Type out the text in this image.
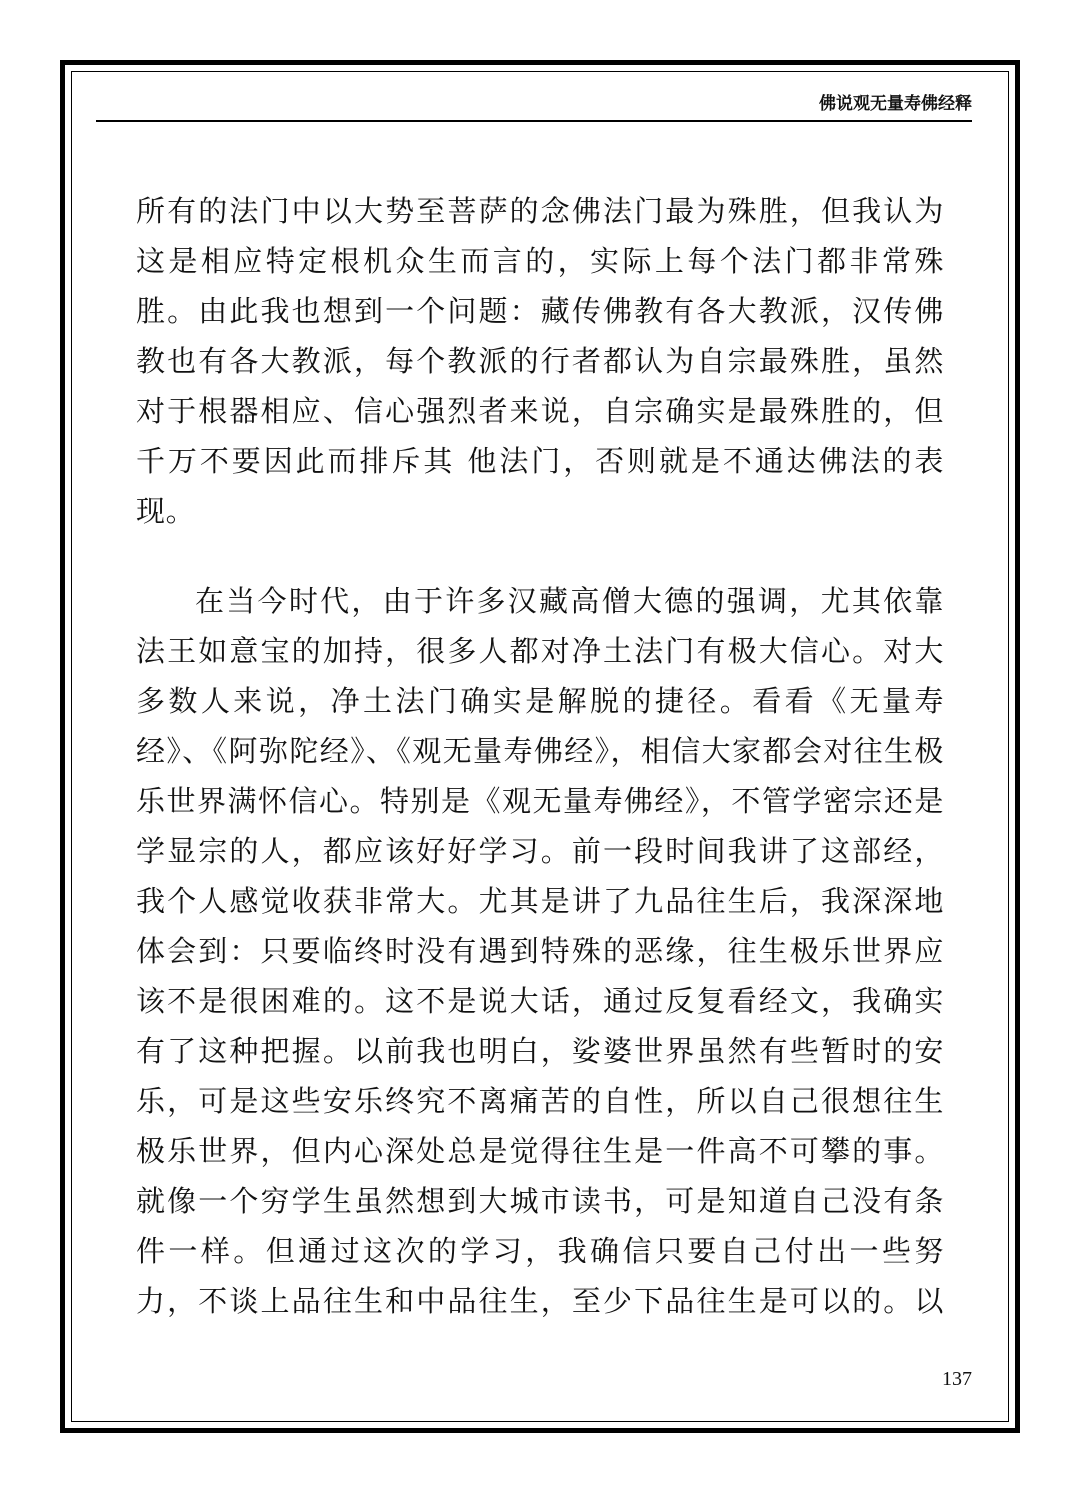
佛说观无量寿佛经释
所有的法门中以大势至菩萨的念佛法门最为殊胜，但我认为
这是相应特定根机众生而言的，实际上每个法门都非常殊
胜。由此我也想到一个问题：藏传佛教有各大教派，汉传佛
教也有各大教派，每个教派的行者都认为自宗最殊胜，虽然
对于根器相应、信心强烈者来说，自宗确实是最殊胜的，但
千万不要因此而排斥其 他法门，否则就是不通达佛法的表
现。
在当今时代，由于许多汉藏高僧大德的强调，尤其依靠
法王如意宝的加持，很多人都对净土法门有极大信心。对大
多数人来说，净土法门确实是解脱的捷径。看看《无量寿
经》、《阿弥陀经》、《观无量寿佛经》，相信大家都会对往生极
乐世界满怀信心。特别是《观无量寿佛经》，不管学密宗还是
学显宗的人，都应该好好学习。前一段时间我讲了这部经，
我个人感觉收获非常大。尤其是讲了九品往生后，我深深地
体会到：只要临终时没有遇到特殊的恶缘，往生极乐世界应
该不是很困难的。这不是说大话，通过反复看经文，我确实
有了这种把握。以前我也明白，娑婆世界虽然有些暂时的安
乐，可是这些安乐终究不离痛苦的自性，所以自己很想往生
极乐世界，但内心深处总是觉得往生是一件高不可攀的事。
就像一个穷学生虽然想到大城市读书，可是知道自己没有条
件一样。但通过这次的学习，我确信只要自己付出一些努
力，不谈上品往生和中品往生，至少下品往生是可以的。以
137
